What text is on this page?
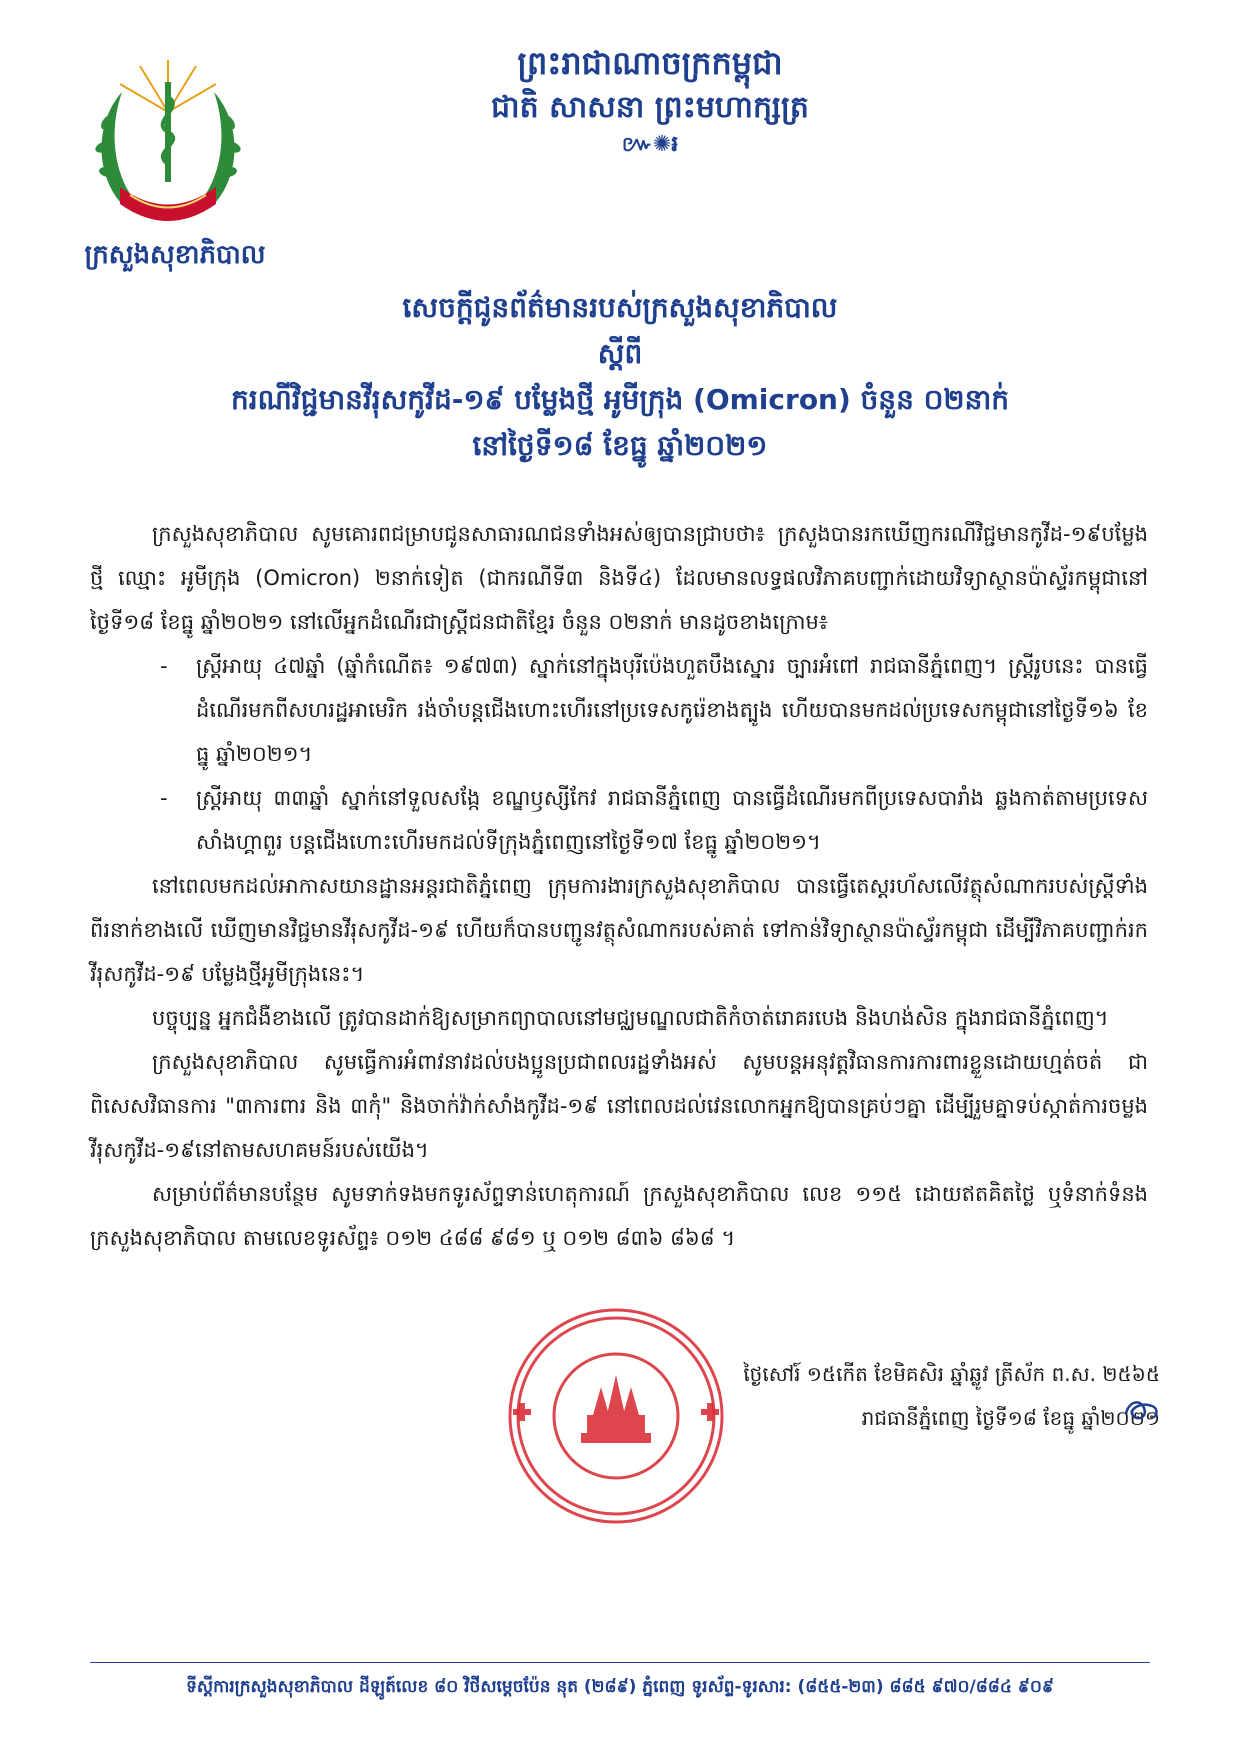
ក្រសួងសុខាភិបាល
ព្រះរាជាណាចក្រកម្ពុជា
ជាតិ សាសនា ព្រះមហាក្សត្រ
៚✺៛
សេចក្ដីជូនព័ត៌មានរបស់ក្រសួងសុខាភិបាល
ស្ដីពី
ករណីវិជ្ជមានវីរុសកូវីដ-១៩ បម្លែងថ្មី អូមីក្រុង (Omicron) ចំនួន ០២នាក់
នៅថ្ងៃទី១៨ ខែធ្នូ ឆ្នាំ២០២១

ក្រសួងសុខាភិបាល សូមគោរពជម្រាបជូនសាធារណជនទាំងអស់ឲ្យបានជ្រាបថា៖ ក្រសួងបានរកឃើញករណីវិជ្ជមានកូវីដ-១៩បម្លែងថ្មី ឈ្មោះ អូមីក្រុង (Omicron) ២នាក់ទៀត (ជាករណីទី៣ និងទី៤) ដែលមានលទ្ធផលវិភាគបញ្ជាក់ដោយវិទ្យាស្ថានប៉ាស្ទ័រកម្ពុជានៅថ្ងៃទី១៨ ខែធ្នូ ឆ្នាំ២០២១ នៅលើអ្នកដំណើរជាស្ត្រីជនជាតិខ្មែរ ចំនួន ០២នាក់ មានដូចខាងក្រោម៖

-	ស្ត្រីអាយុ ៤៧ឆ្នាំ (ឆ្នាំកំណើត៖ ១៩៧៣) ស្នាក់នៅក្នុងបុរីប៉េងហួតបឹងស្នោរ ច្បារអំពៅ រាជធានីភ្នំពេញ។ ស្ត្រីរូបនេះ បានធ្វើដំណើរមកពីសហរដ្ឋអាមេរិក រង់ចាំបន្តជើងហោះហើរនៅប្រទេសកូរ៉េខាងត្បូង ហើយបានមកដល់ប្រទេសកម្ពុជានៅថ្ងៃទី១៦ ខែធ្នូ ឆ្នាំ២០២១។
-	ស្ត្រីអាយុ ៣៣ឆ្នាំ ស្នាក់នៅទួលសង្កែ ខណ្ឌឫស្សីកែវ រាជធានីភ្នំពេញ បានធ្វើដំណើរមកពីប្រទេសបារាំង ឆ្លងកាត់តាមប្រទេសសាំងហ្គាពួរ បន្តជើងហោះហើរមកដល់ទីក្រុងភ្នំពេញនៅថ្ងៃទី១៧ ខែធ្នូ ឆ្នាំ២០២១។

នៅពេលមកដល់អាកាសយានដ្ឋានអន្តរជាតិភ្នំពេញ ក្រុមការងារក្រសួងសុខាភិបាល បានធ្វើតេស្តរហ័សលើវត្ថុសំណាករបស់ស្ត្រីទាំងពីរនាក់ខាងលើ ឃើញមានវិជ្ជមានវីរុសកូវីដ-១៩ ហើយក៏បានបញ្ជូនវត្ថុសំណាករបស់គាត់ ទៅកាន់វិទ្យាស្ថានប៉ាស្ទ័រកម្ពុជា ដើម្បីវិភាគបញ្ជាក់រកវីរុសកូវីដ-១៩ បម្លែងថ្មីអូមីក្រុងនេះ។

បច្ចុប្បន្ន អ្នកជំងឺខាងលើ ត្រូវបានដាក់ឱ្យសម្រាកព្យាបាលនៅមជ្ឈមណ្ឌលជាតិកំចាត់រោគរបេង និងហង់សិន ក្នុងរាជធានីភ្នំពេញ។

ក្រសួងសុខាភិបាល សូមធ្វើការអំពាវនាវដល់បងប្អូនប្រជាពលរដ្ឋទាំងអស់ សូមបន្តអនុវត្តវិធានការការពារខ្លួនដោយហ្មត់ចត់ ជាពិសេសវិធានការ "៣ការពារ និង ៣កុំ" និងចាក់វ៉ាក់សាំងកូវីដ-១៩ នៅពេលដល់វេនលោកអ្នកឱ្យបានគ្រប់ៗគ្នា ដើម្បីរួមគ្នាទប់ស្កាត់ការចម្លងវីរុសកូវីដ-១៩នៅតាមសហគមន៍របស់យើង។

សម្រាប់ព័ត៌មានបន្ថែម សូមទាក់ទងមកទូរស័ព្ទទាន់ហេតុការណ៍ ក្រសួងសុខាភិបាល លេខ ១១៥ ដោយឥតគិតថ្លៃ ឬទំនាក់ទំនងក្រសួងសុខាភិបាល តាមលេខទូរស័ព្ទ៖ ០១២ ៤៨៨ ៩៨១ ឬ ០១២ ៨៣៦ ៨៦៨ ។

ថ្ងៃសៅរ៍ ១៥កើត ខែមិគសិរ ឆ្នាំឆ្លូវ ត្រីស័ក ព.ស. ២៥៦៥
រាជធានីភ្នំពេញ ថ្ងៃទី១៨ ខែធ្នូ ឆ្នាំ២០២១
ទីស្ដីការក្រសួងសុខាភិបាល ដីឡូត៍លេខ ៨០ វិថីសម្ដេចប៉ែន នុត (២៨៩) ភ្នំពេញ ទូរស័ព្ទ-ទូរសារ: (៨៥៥-២៣) ៨៨៥ ៩៧០/៨៨៤ ៩០៩
